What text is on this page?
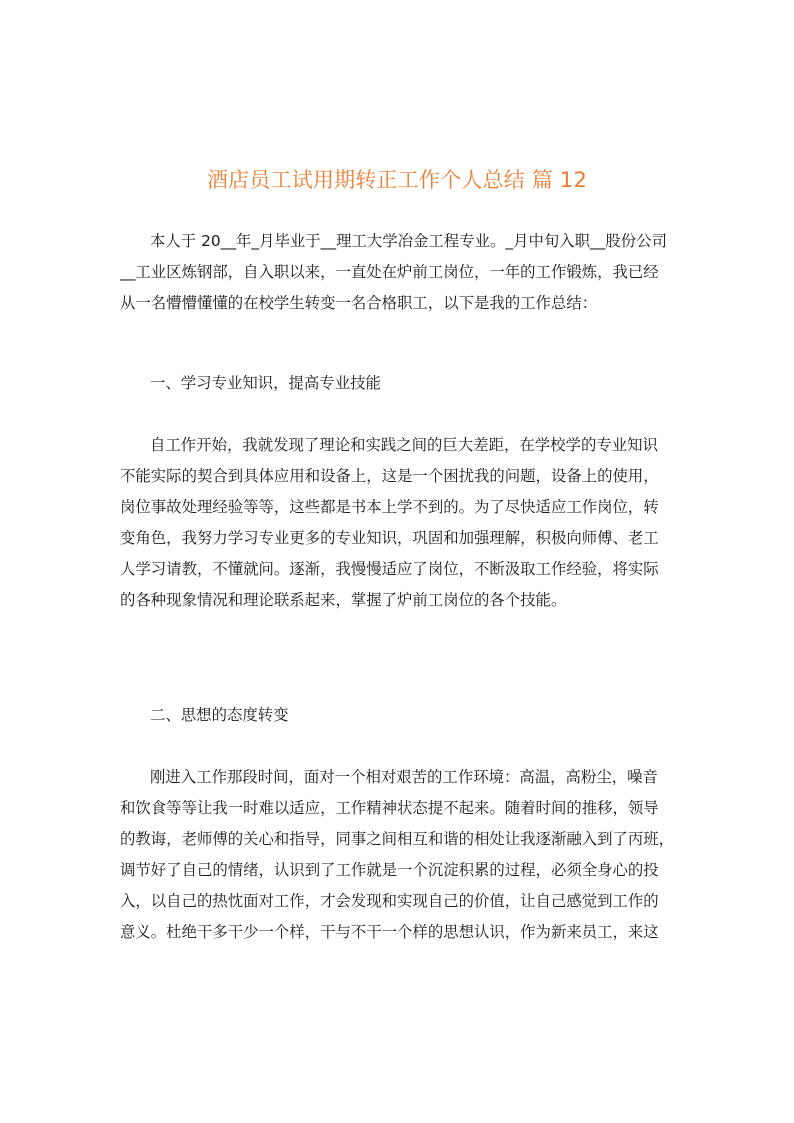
酒店员工试用期转正工作个人总结 篇 12
本人于 20__年_月毕业于__理工大学冶金工程专业。_月中旬入职__股份公司
__工业区炼钢部，自入职以来，一直处在炉前工岗位，一年的工作锻炼，我已经
从一名懵懵懂懂的在校学生转变一名合格职工，以下是我的工作总结：
一、学习专业知识，提高专业技能
自工作开始，我就发现了理论和实践之间的巨大差距，在学校学的专业知识
不能实际的契合到具体应用和设备上，这是一个困扰我的问题，设备上的使用，
岗位事故处理经验等等，这些都是书本上学不到的。为了尽快适应工作岗位，转
变角色，我努力学习专业更多的专业知识，巩固和加强理解，积极向师傅、老工
人学习请教，不懂就问。逐渐，我慢慢适应了岗位，不断汲取工作经验，将实际
的各种现象情况和理论联系起来，掌握了炉前工岗位的各个技能。
二、思想的态度转变
刚进入工作那段时间，面对一个相对艰苦的工作环境：高温，高粉尘，噪音
和饮食等等让我一时难以适应，工作精神状态提不起来。随着时间的推移，领导
的教诲，老师傅的关心和指导，同事之间相互和谐的相处让我逐渐融入到了丙班，
调节好了自己的情绪，认识到了工作就是一个沉淀积累的过程，必须全身心的投
入，以自己的热忱面对工作，才会发现和实现自己的价值，让自己感觉到工作的
意义。杜绝干多干少一个样，干与不干一个样的思想认识，作为新来员工，来这
